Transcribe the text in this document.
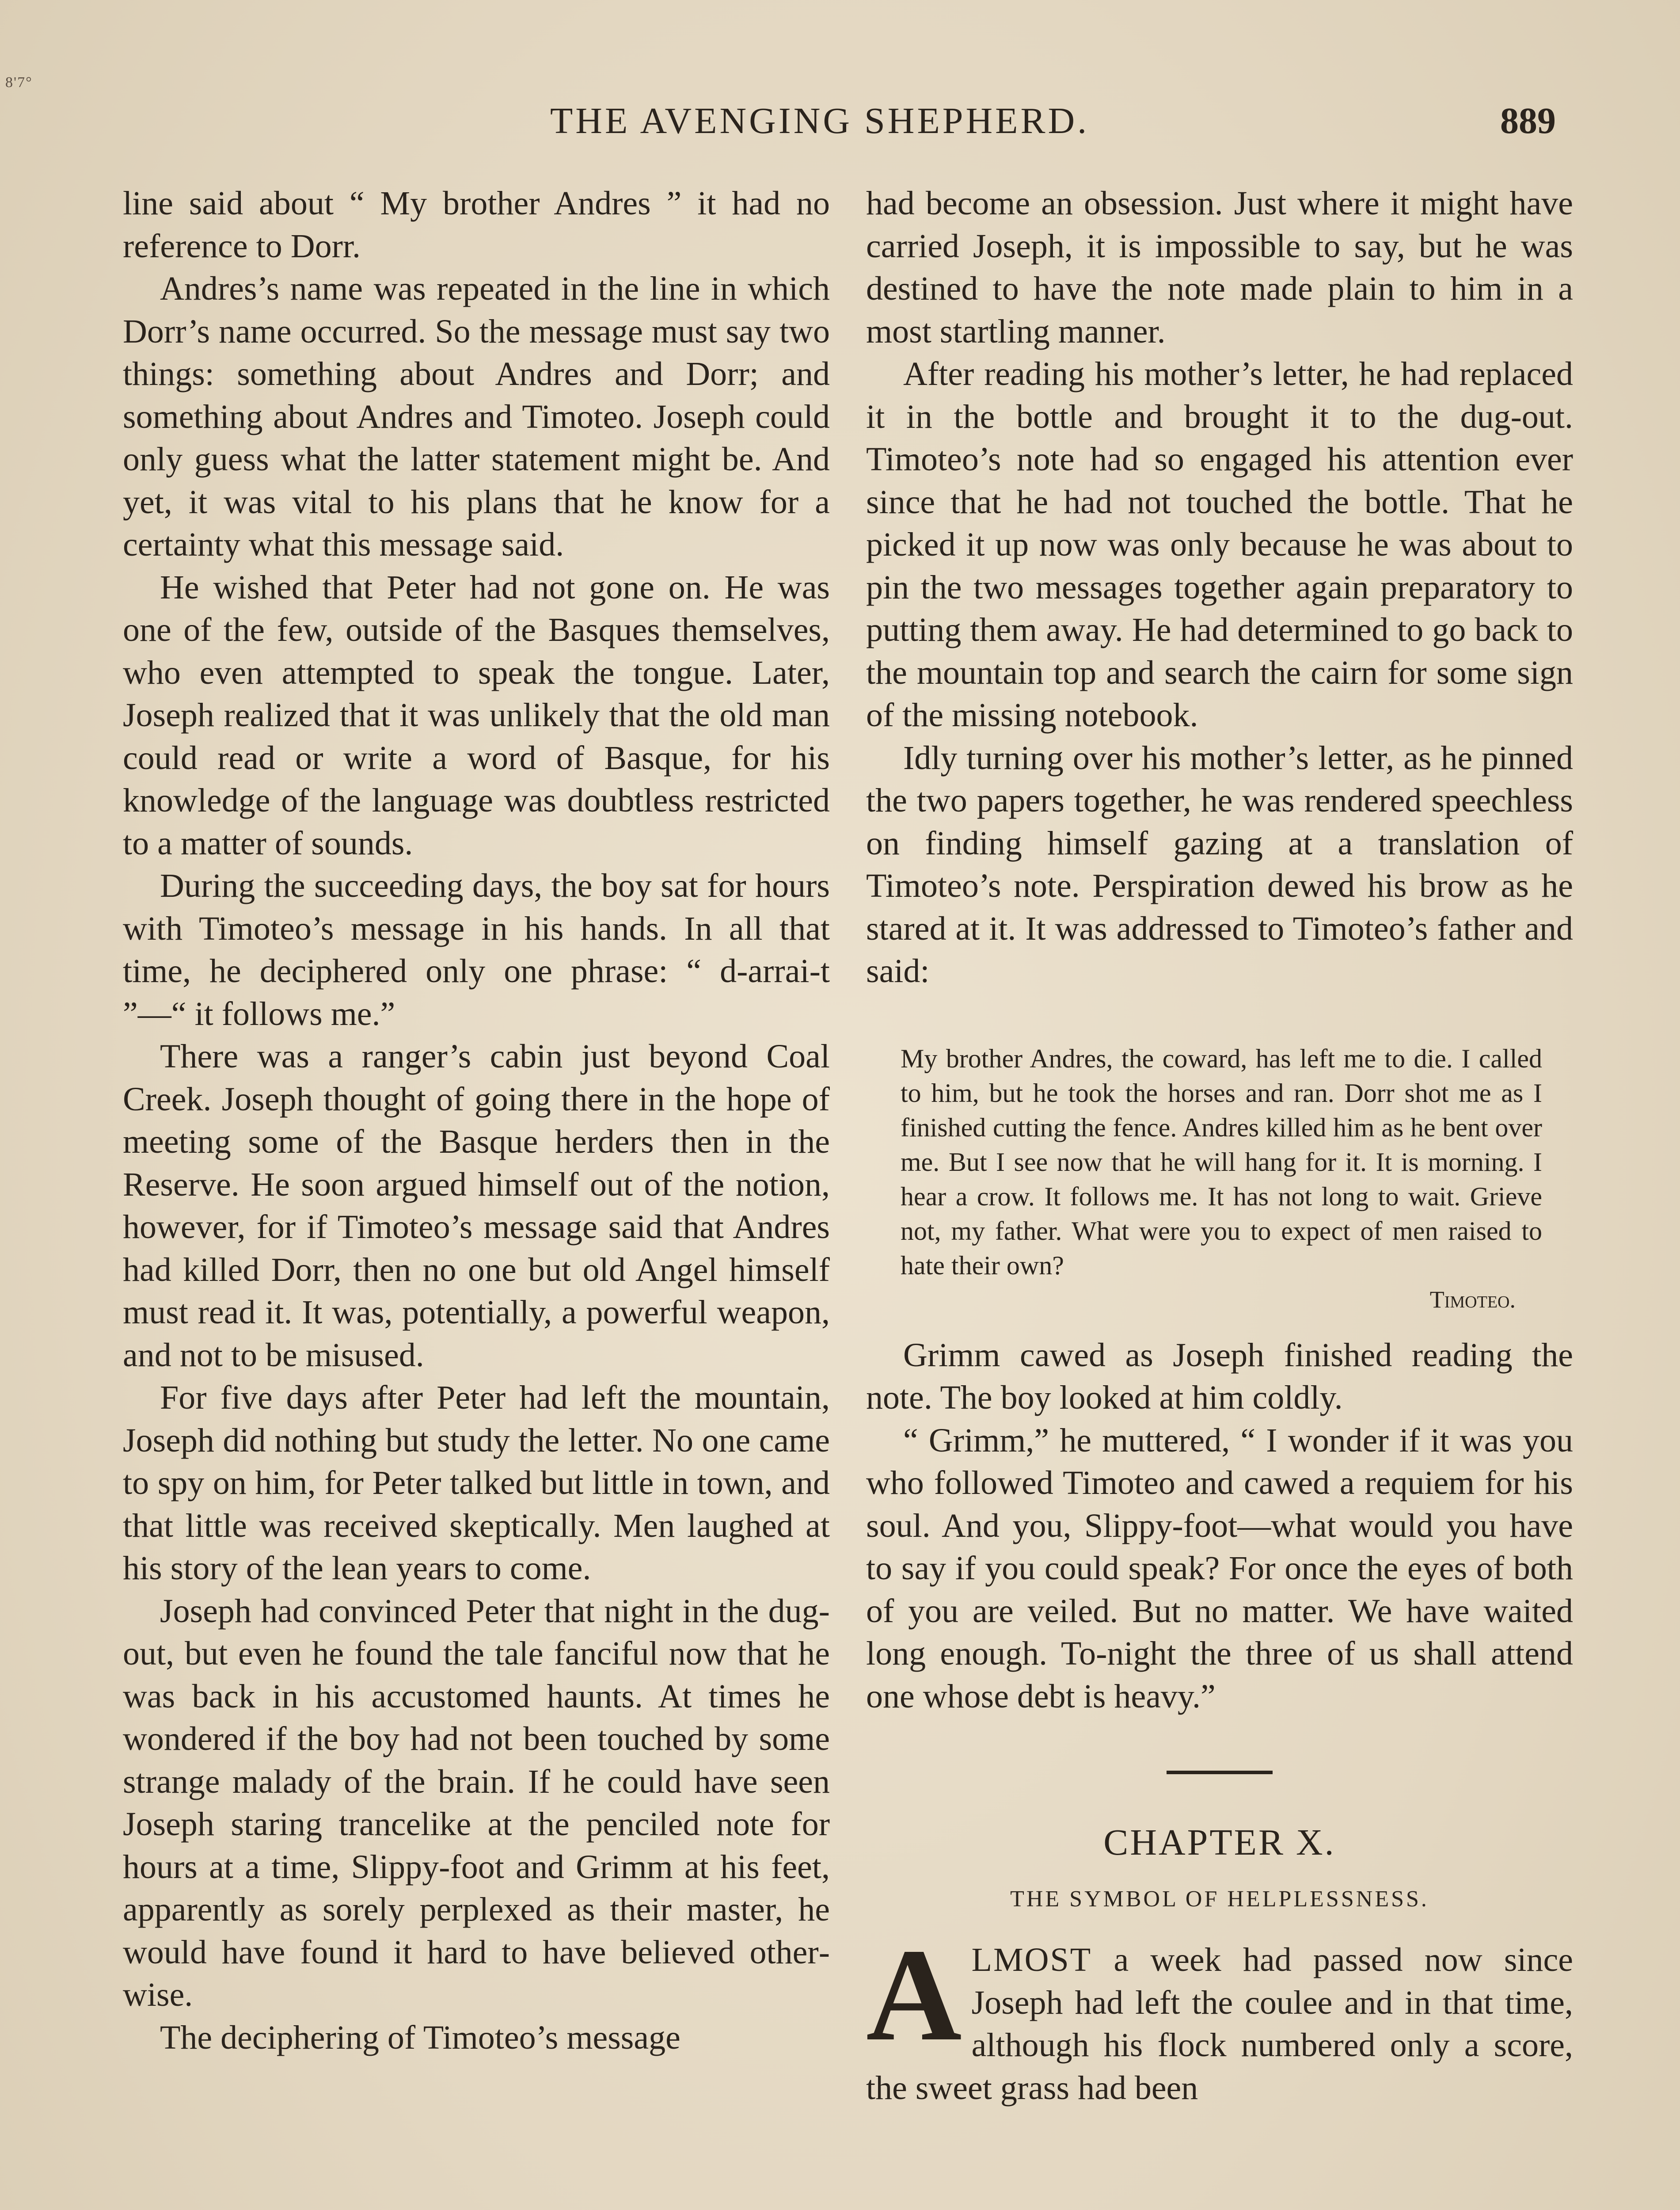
8'7°
THE AVENGING SHEPHERD.	889

line said about “ My brother Andres ” it had no reference to Dorr.

Andres’s name was repeated in the line in which Dorr’s name occurred. So the message must say two things: something about Andres and Dorr; and something about Andres and Timoteo. Joseph could only guess what the latter statement might be. And yet, it was vital to his plans that he know for a certainty what this message said.

He wished that Peter had not gone on. He was one of the few, outside of the Basques themselves, who even attempted to speak the tongue. Later, Joseph realized that it was unlikely that the old man could read or write a word of Basque, for his knowledge of the language was doubtless restricted to a matter of sounds.

During the succeeding days, the boy sat for hours with Timoteo’s message in his hands. In all that time, he deciphered only one phrase: “ d-arrai-t ”—“ it follows me.”

There was a ranger’s cabin just beyond Coal Creek. Joseph thought of going there in the hope of meeting some of the Basque herders then in the Reserve. He soon argued himself out of the notion, however, for if Timoteo’s message said that Andres had killed Dorr, then no one but old Angel himself must read it. It was, potentially, a powerful weapon, and not to be misused.

For five days after Peter had left the mountain, Joseph did nothing but study the letter. No one came to spy on him, for Peter talked but little in town, and that little was received skeptically. Men laughed at his story of the lean years to come.

Joseph had convinced Peter that night in the dug-out, but even he found the tale fanciful now that he was back in his accustomed haunts. At times he wondered if the boy had not been touched by some strange malady of the brain. If he could have seen Joseph staring trancelike at the penciled note for hours at a time, Slippy-foot and Grimm at his feet, apparently as sorely perplexed as their master, he would have found it hard to have believed otherwise.

The deciphering of Timoteo’s message

had become an obsession. Just where it might have carried Joseph, it is impossible to say, but he was destined to have the note made plain to him in a most startling manner.

After reading his mother’s letter, he had replaced it in the bottle and brought it to the dug-out. Timoteo’s note had so engaged his attention ever since that he had not touched the bottle. That he picked it up now was only because he was about to pin the two messages together again preparatory to putting them away. He had determined to go back to the mountain top and search the cairn for some sign of the missing notebook.

Idly turning over his mother’s letter, as he pinned the two papers together, he was rendered speechless on finding himself gazing at a translation of Timoteo’s note. Perspiration dewed his brow as he stared at it. It was addressed to Timoteo’s father and said:

My brother Andres, the coward, has left me to die. I called to him, but he took the horses and ran. Dorr shot me as I finished cutting the fence. Andres killed him as he bent over me. But I see now that he will hang for it. It is morning. I hear a crow. It follows me. It has not long to wait. Grieve not, my father. What were you to expect of men raised to hate their own?

Timoteo.

Grimm cawed as Joseph finished reading the note. The boy looked at him coldly.

“ Grimm,” he muttered, “ I wonder if it was you who followed Timoteo and cawed a requiem for his soul. And you, Slippy-foot—what would you have to say if you could speak? For once the eyes of both of you are veiled. But no matter. We have waited long enough. To-night the three of us shall attend one whose debt is heavy.”

CHAPTER X.
THE SYMBOL OF HELPLESSNESS.

ALMOST a week had passed now since Joseph had left the coulee and in that time, although his flock numbered only a score, the sweet grass had been
